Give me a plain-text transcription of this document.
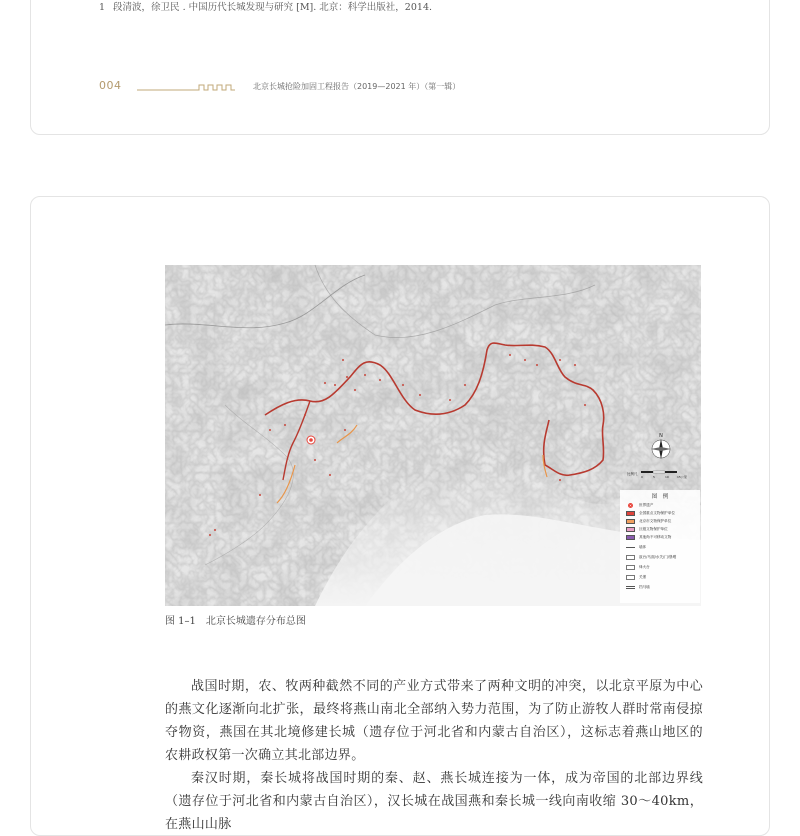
1 段清波，徐卫民 . 中国历代长城发现与研究 [M]. 北京：科学出版社，2014.
004	北京长城抢险加固工程报告（2019—2021 年）（第一辑）
N
比例尺
0	5	10	15公里
图　例
世界遗产
全国重点文物保护单位
北京市文物保护单位
区级文物保护单位
其他尚不可移动文物
墙体
敌台/马面/水关/门/堡墩
烽火台
关堡
挡马墙
图 1–1　北京长城遗存分布总图

战国时期，农、牧两种截然不同的产业方式带来了两种文明的冲突，以北京平原为中心的燕文化逐渐向北扩张，最终将燕山南北全部纳入势力范围，为了防止游牧人群时常南侵掠夺物资，燕国在其北境修建长城（遗存位于河北省和内蒙古自治区），这标志着燕山地区的农耕政权第一次确立其北部边界。

秦汉时期，秦长城将战国时期的秦、赵、燕长城连接为一体，成为帝国的北部边界线（遗存位于河北省和内蒙古自治区），汉长城在战国燕和秦长城一线向南收缩 30～40km，在燕山山脉
